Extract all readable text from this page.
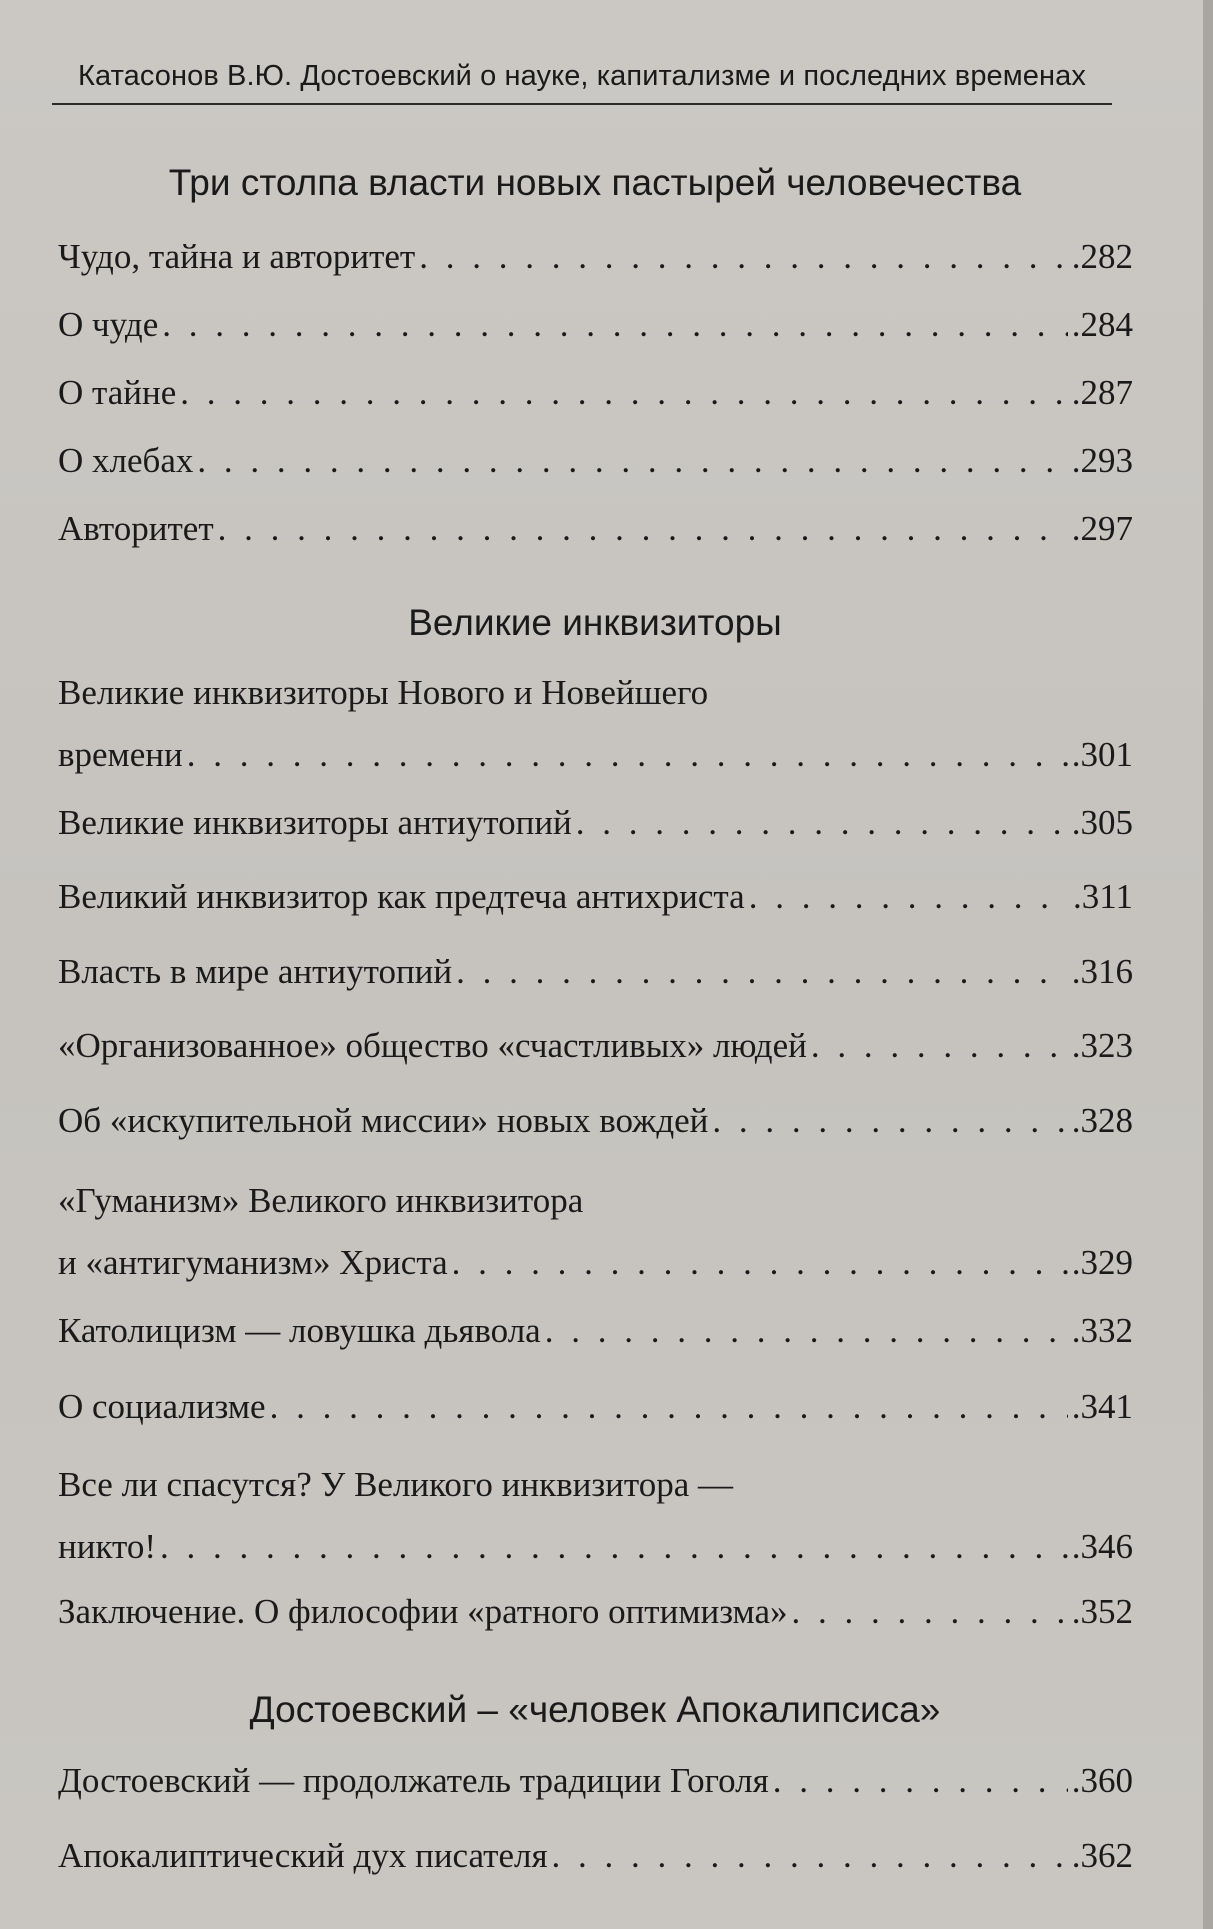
Катасонов В.Ю. Достоевский о науке, капитализме и последних временах
Три столпа власти новых пастырей человечества
Чудо, тайна и авторитет . . .	.282
О чуде . . .	.284
О тайне . . .	.287
О хлебах . . .	.293
Авторитет . . .	.297
Великие инквизиторы
Великие инквизиторы Нового и Новейшего
времени . . .	.301
Великие инквизиторы антиутопий . . .	.305
Великий инквизитор как предтеча антихриста . . .	.311
Власть в мире антиутопий . . .	.316
«Организованное» общество «счастливых» людей . . .	.323
Об «искупительной миссии» новых вождей . . .	.328
«Гуманизм» Великого инквизитора
и «антигуманизм» Христа . . .	.329
Католицизм — ловушка дьявола . . .	.332
О социализме . . .	.341
Все ли спасутся? У Великого инквизитора —
никто! . . .	.346
Заключение. О философии «ратного оптимизма» . . .	.352
Достоевский – «человек Апокалипсиса»
Достоевский — продолжатель традиции Гоголя . . .	.360
Апокалиптический дух писателя . . .	.362
